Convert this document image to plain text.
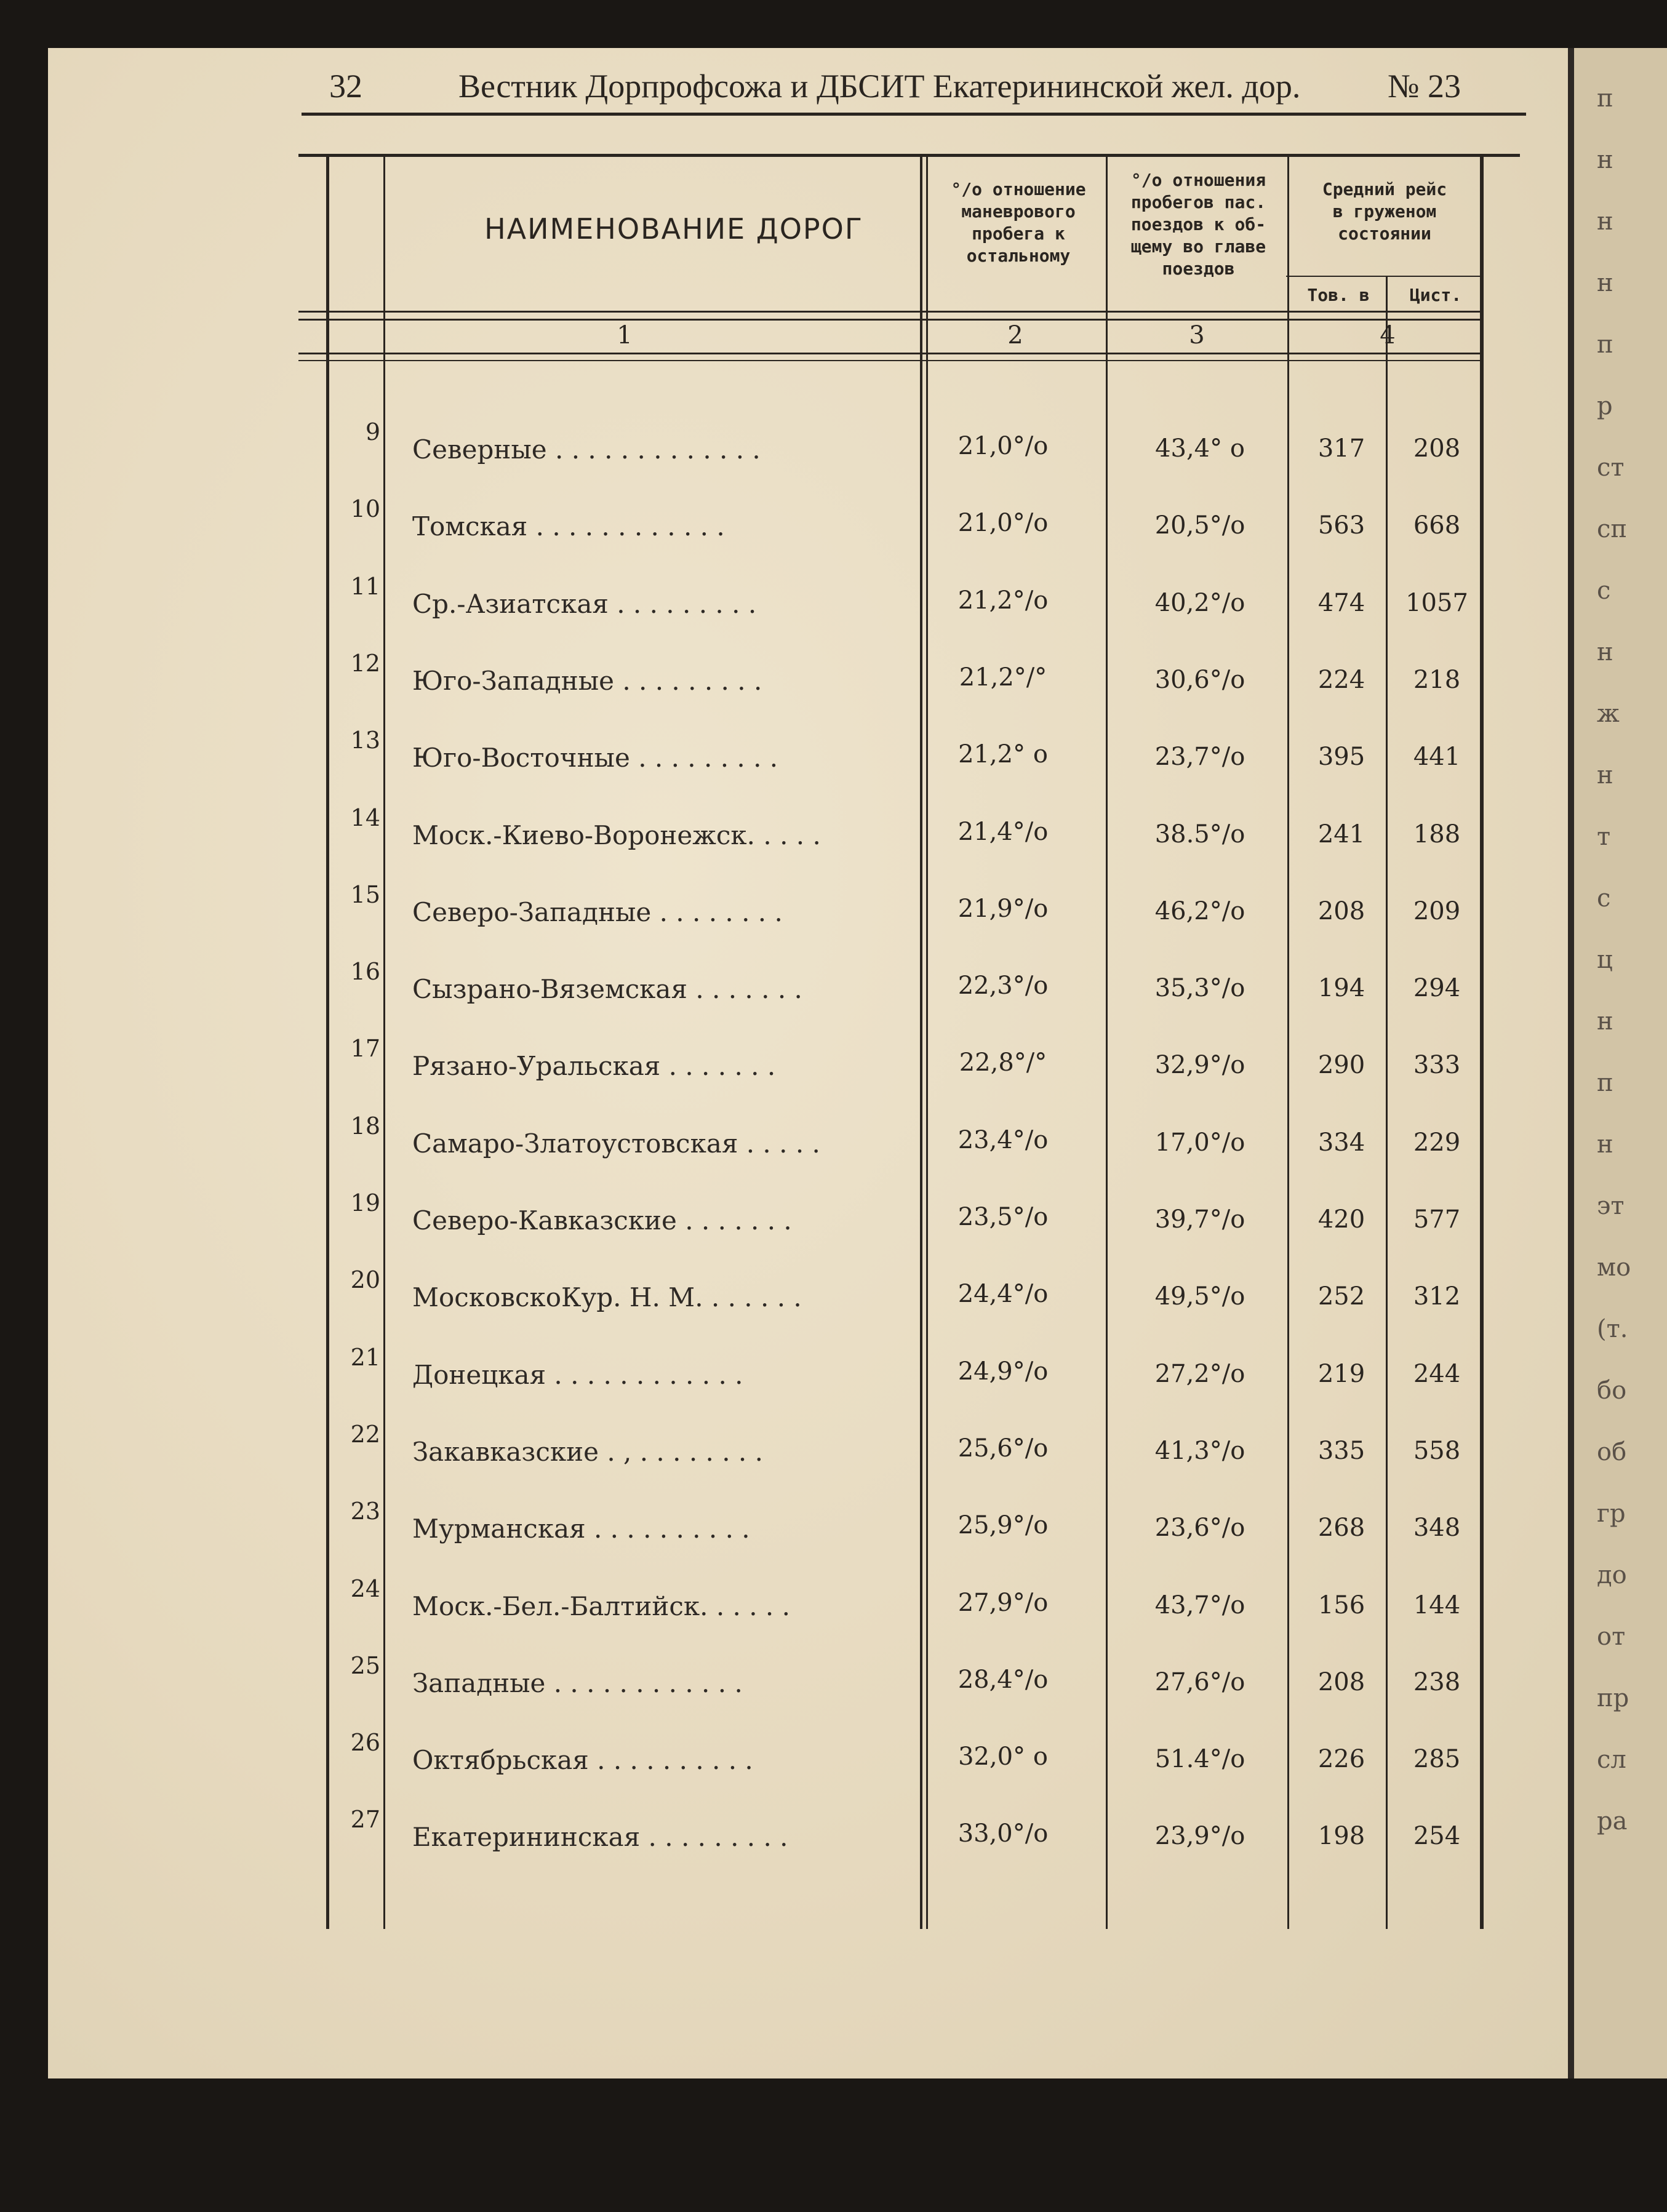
п
н
н
н
п
р
ст
сп
с
н
ж
н
т
с
ц
н
п
н
эт
мо
(т.
бо
об
гр
до
от
пр
сл
ра
32	Вестник Дорпрофсожа и ДБСИТ Екатерининской жел. дор.	№ 23
НАИМЕНОВАНИЕ ДОРОГ
°/о отношение
маневрового
пробега к
остальному
°/о отношения
пробегов пас.
поездов к об-
щему во главе
поездов
Средний рейс
в груженом
состоянии
Тов. в	Цист.
1	2	3	4
9
Северные . . . . . . . . . . . . .	21,0°/о	43,4° о	317	208
10
Томская . . . . . . . . . . . .	21,0°/о	20,5°/о	563	668
11
Ср.-Азиатская . . . . . . . . .	21,2°/о	40,2°/о	474	1057
12
Юго-Западные . . . . . . . . .	21,2°/°	30,6°/о	224	218
13
Юго-Восточные . . . . . . . . .	21,2° о	23,7°/о	395	441
14
Моск.-Киево-Воронежск. . . . .	21,4°/о	38.5°/о	241	188
15
Северо-Западные . . . . . . . .	21,9°/о	46,2°/о	208	209
16
Сызрано-Вяземская . . . . . . .	22,3°/о	35,3°/о	194	294
17
Рязано-Уральская . . . . . . .	22,8°/°	32,9°/о	290	333
18
Самаро-Златоустовская . . . . .	23,4°/о	17,0°/о	334	229
19
Северо-Кавказские . . . . . . .	23,5°/о	39,7°/о	420	577
20
МосковскоКур. Н. М. . . . . . .	24,4°/о	49,5°/о	252	312
21
Донецкая . . . . . . . . . . . .	24,9°/о	27,2°/о	219	244
22
Закавказские . , . . . . . . . .	25,6°/о	41,3°/о	335	558
23
Мурманская . . . . . . . . . .	25,9°/о	23,6°/о	268	348
24
Моск.-Бел.-Балтийск. . . . . .	27,9°/о	43,7°/о	156	144
25
Западные . . . . . . . . . . . .	28,4°/о	27,6°/о	208	238
26
Октябрьская . . . . . . . . . .	32,0° о	51.4°/о	226	285
27
Екатерининская . . . . . . . . .	33,0°/о	23,9°/о	198	254
